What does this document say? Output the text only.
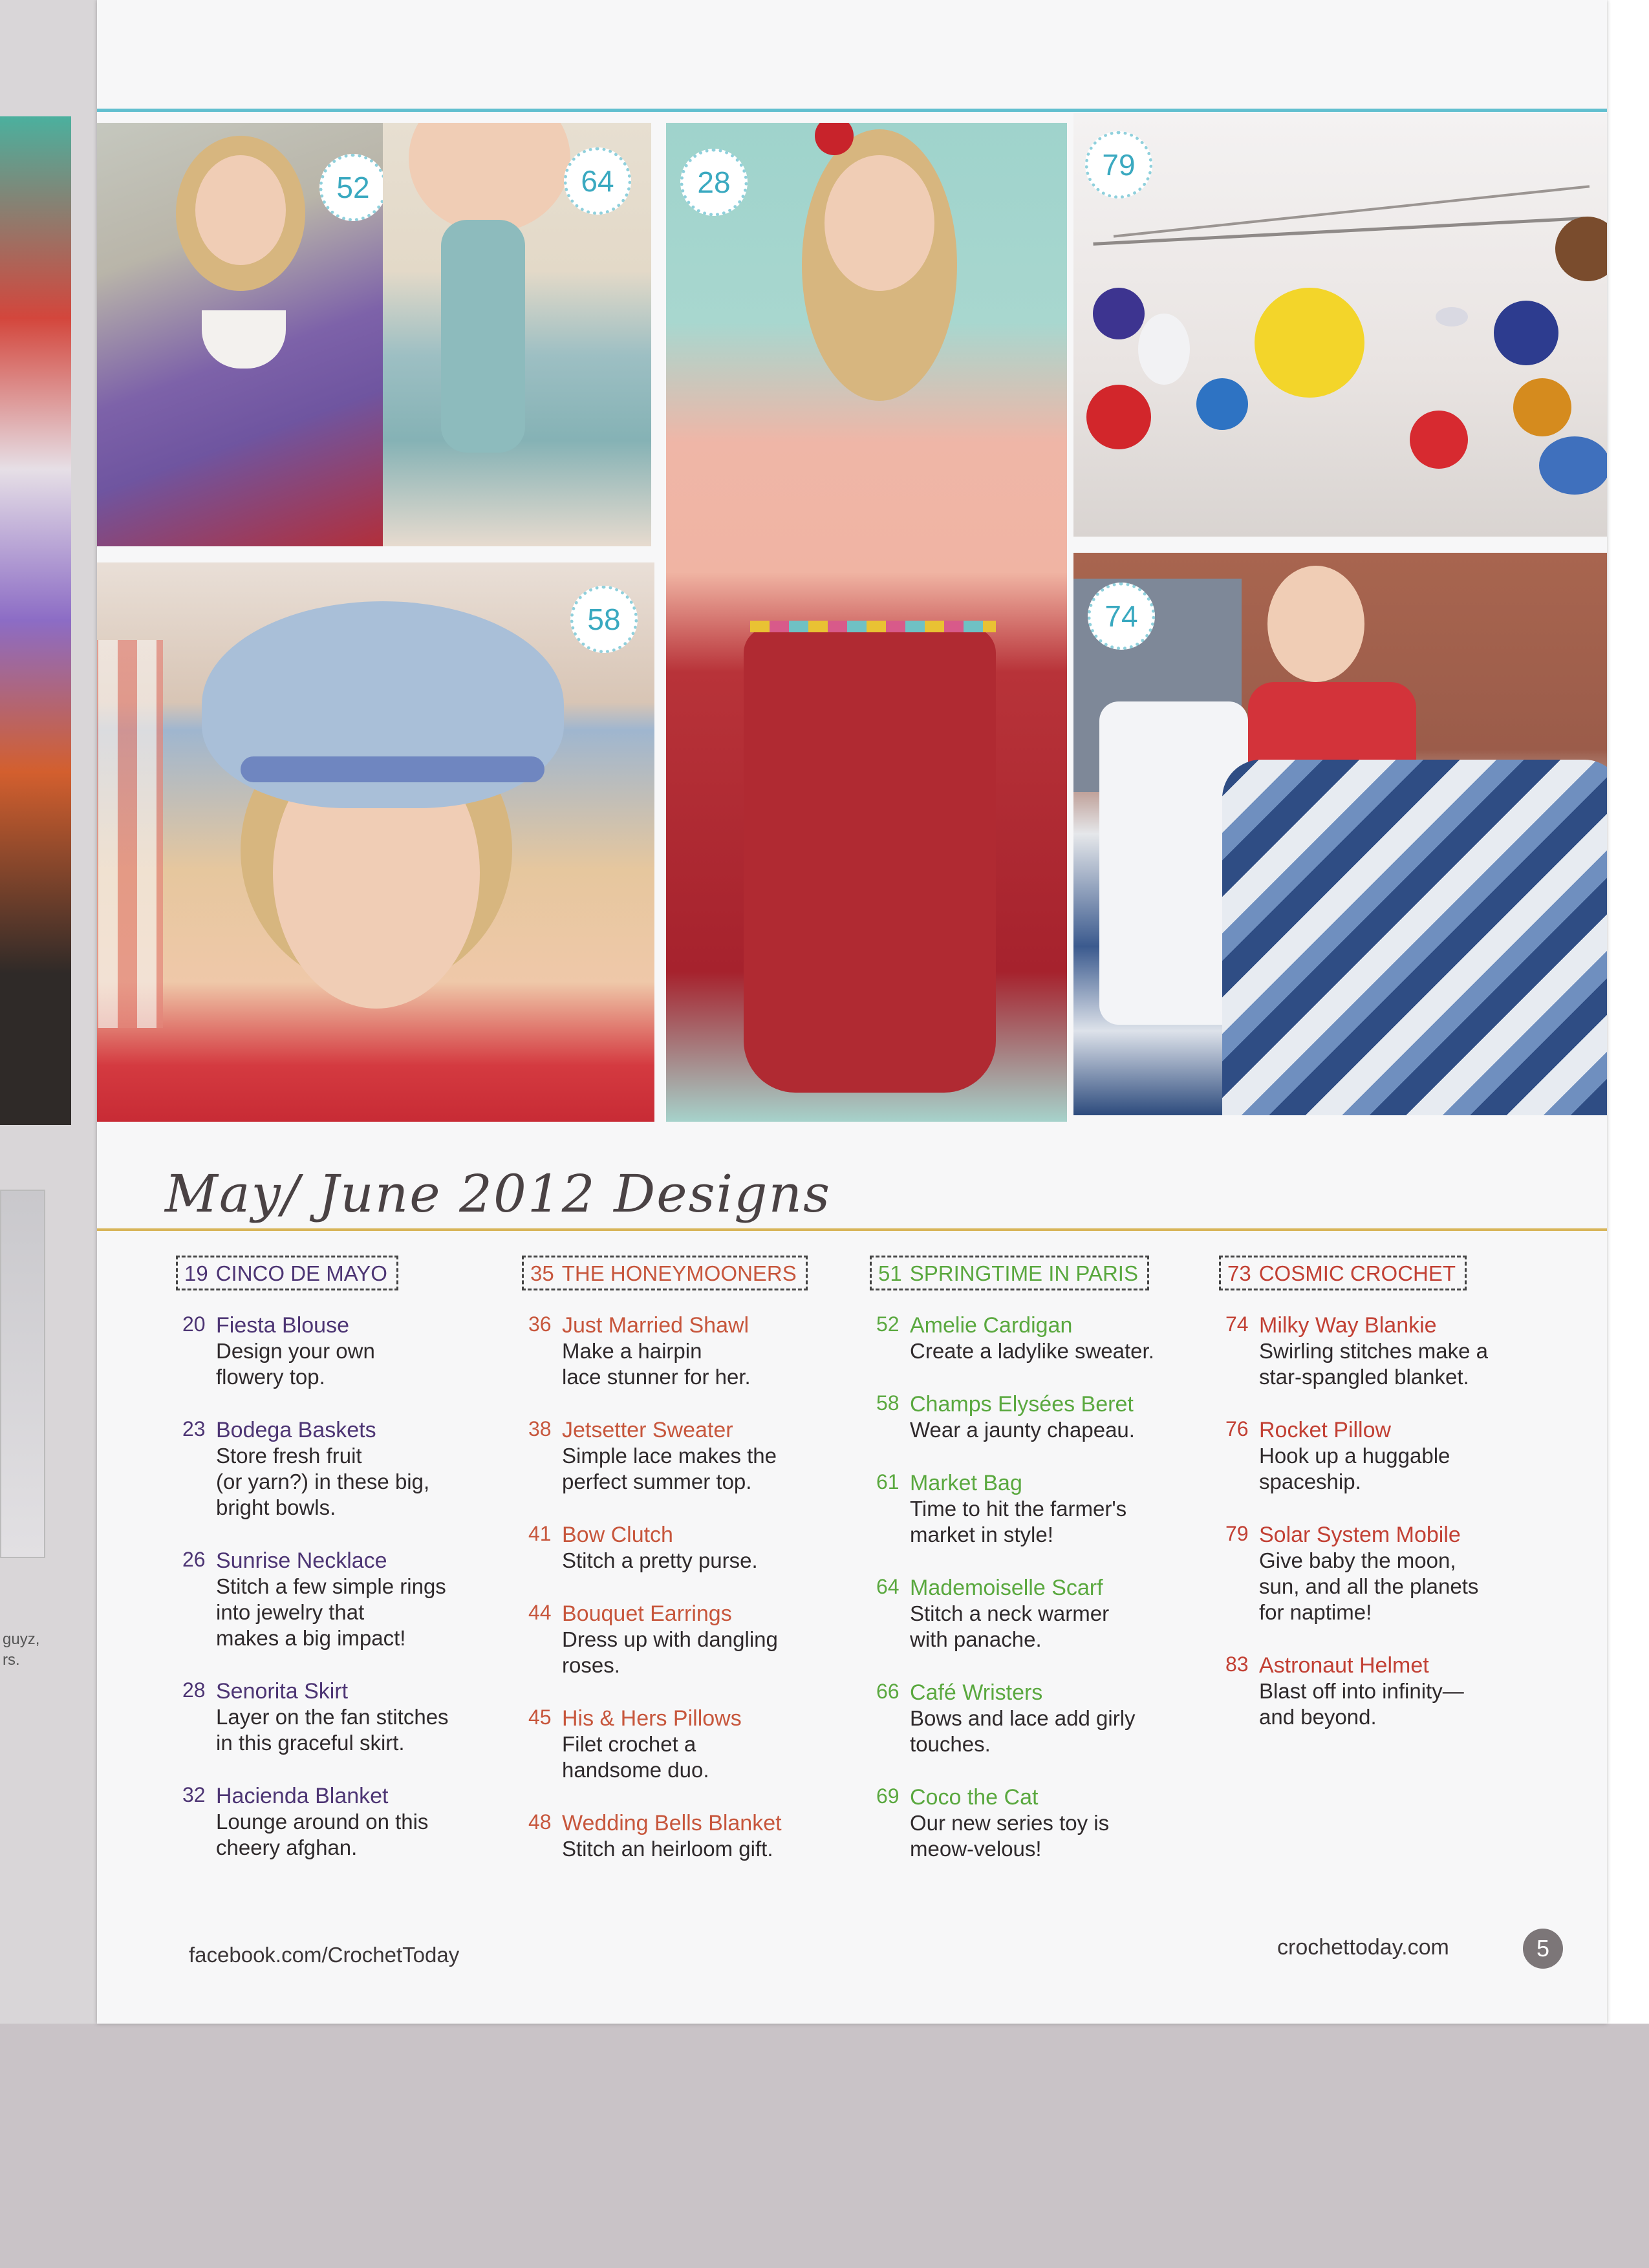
guyz,
rs.
52	64	28
79
58	74
May/ June 2012 Designs
19 CINCO DE MAYO
20 Fiesta Blouse
Design your own
flowery top.
23 Bodega Baskets
Store fresh fruit
(or yarn?) in these big,
bright bowls.
26 Sunrise Necklace
Stitch a few simple rings
into jewelry that
makes a big impact!
28 Senorita Skirt
Layer on the fan stitches
in this graceful skirt.
32 Hacienda Blanket
Lounge around on this
cheery afghan.
35 THE HONEYMOONERS
36 Just Married Shawl
Make a hairpin
lace stunner for her.
38 Jetsetter Sweater
Simple lace makes the
perfect summer top.
41 Bow Clutch
Stitch a pretty purse.
44 Bouquet Earrings
Dress up with dangling
roses.
45 His & Hers Pillows
Filet crochet a
handsome duo.
48 Wedding Bells Blanket
Stitch an heirloom gift.
51 SPRINGTIME IN PARIS
52 Amelie Cardigan
Create a ladylike sweater.
58 Champs Elysées Beret
Wear a jaunty chapeau.
61 Market Bag
Time to hit the farmer's
market in style!
64 Mademoiselle Scarf
Stitch a neck warmer
with panache.
66 Café Wristers
Bows and lace add girly
touches.
69 Coco the Cat
Our new series toy is
meow-velous!
73 COSMIC CROCHET
74 Milky Way Blankie
Swirling stitches make a
star-spangled blanket.
76 Rocket Pillow
Hook up a huggable
spaceship.
79 Solar System Mobile
Give baby the moon,
sun, and all the planets
for naptime!
83 Astronaut Helmet
Blast off into infinity—
and beyond.
facebook.com/CrochetToday	crochettoday.com	5
